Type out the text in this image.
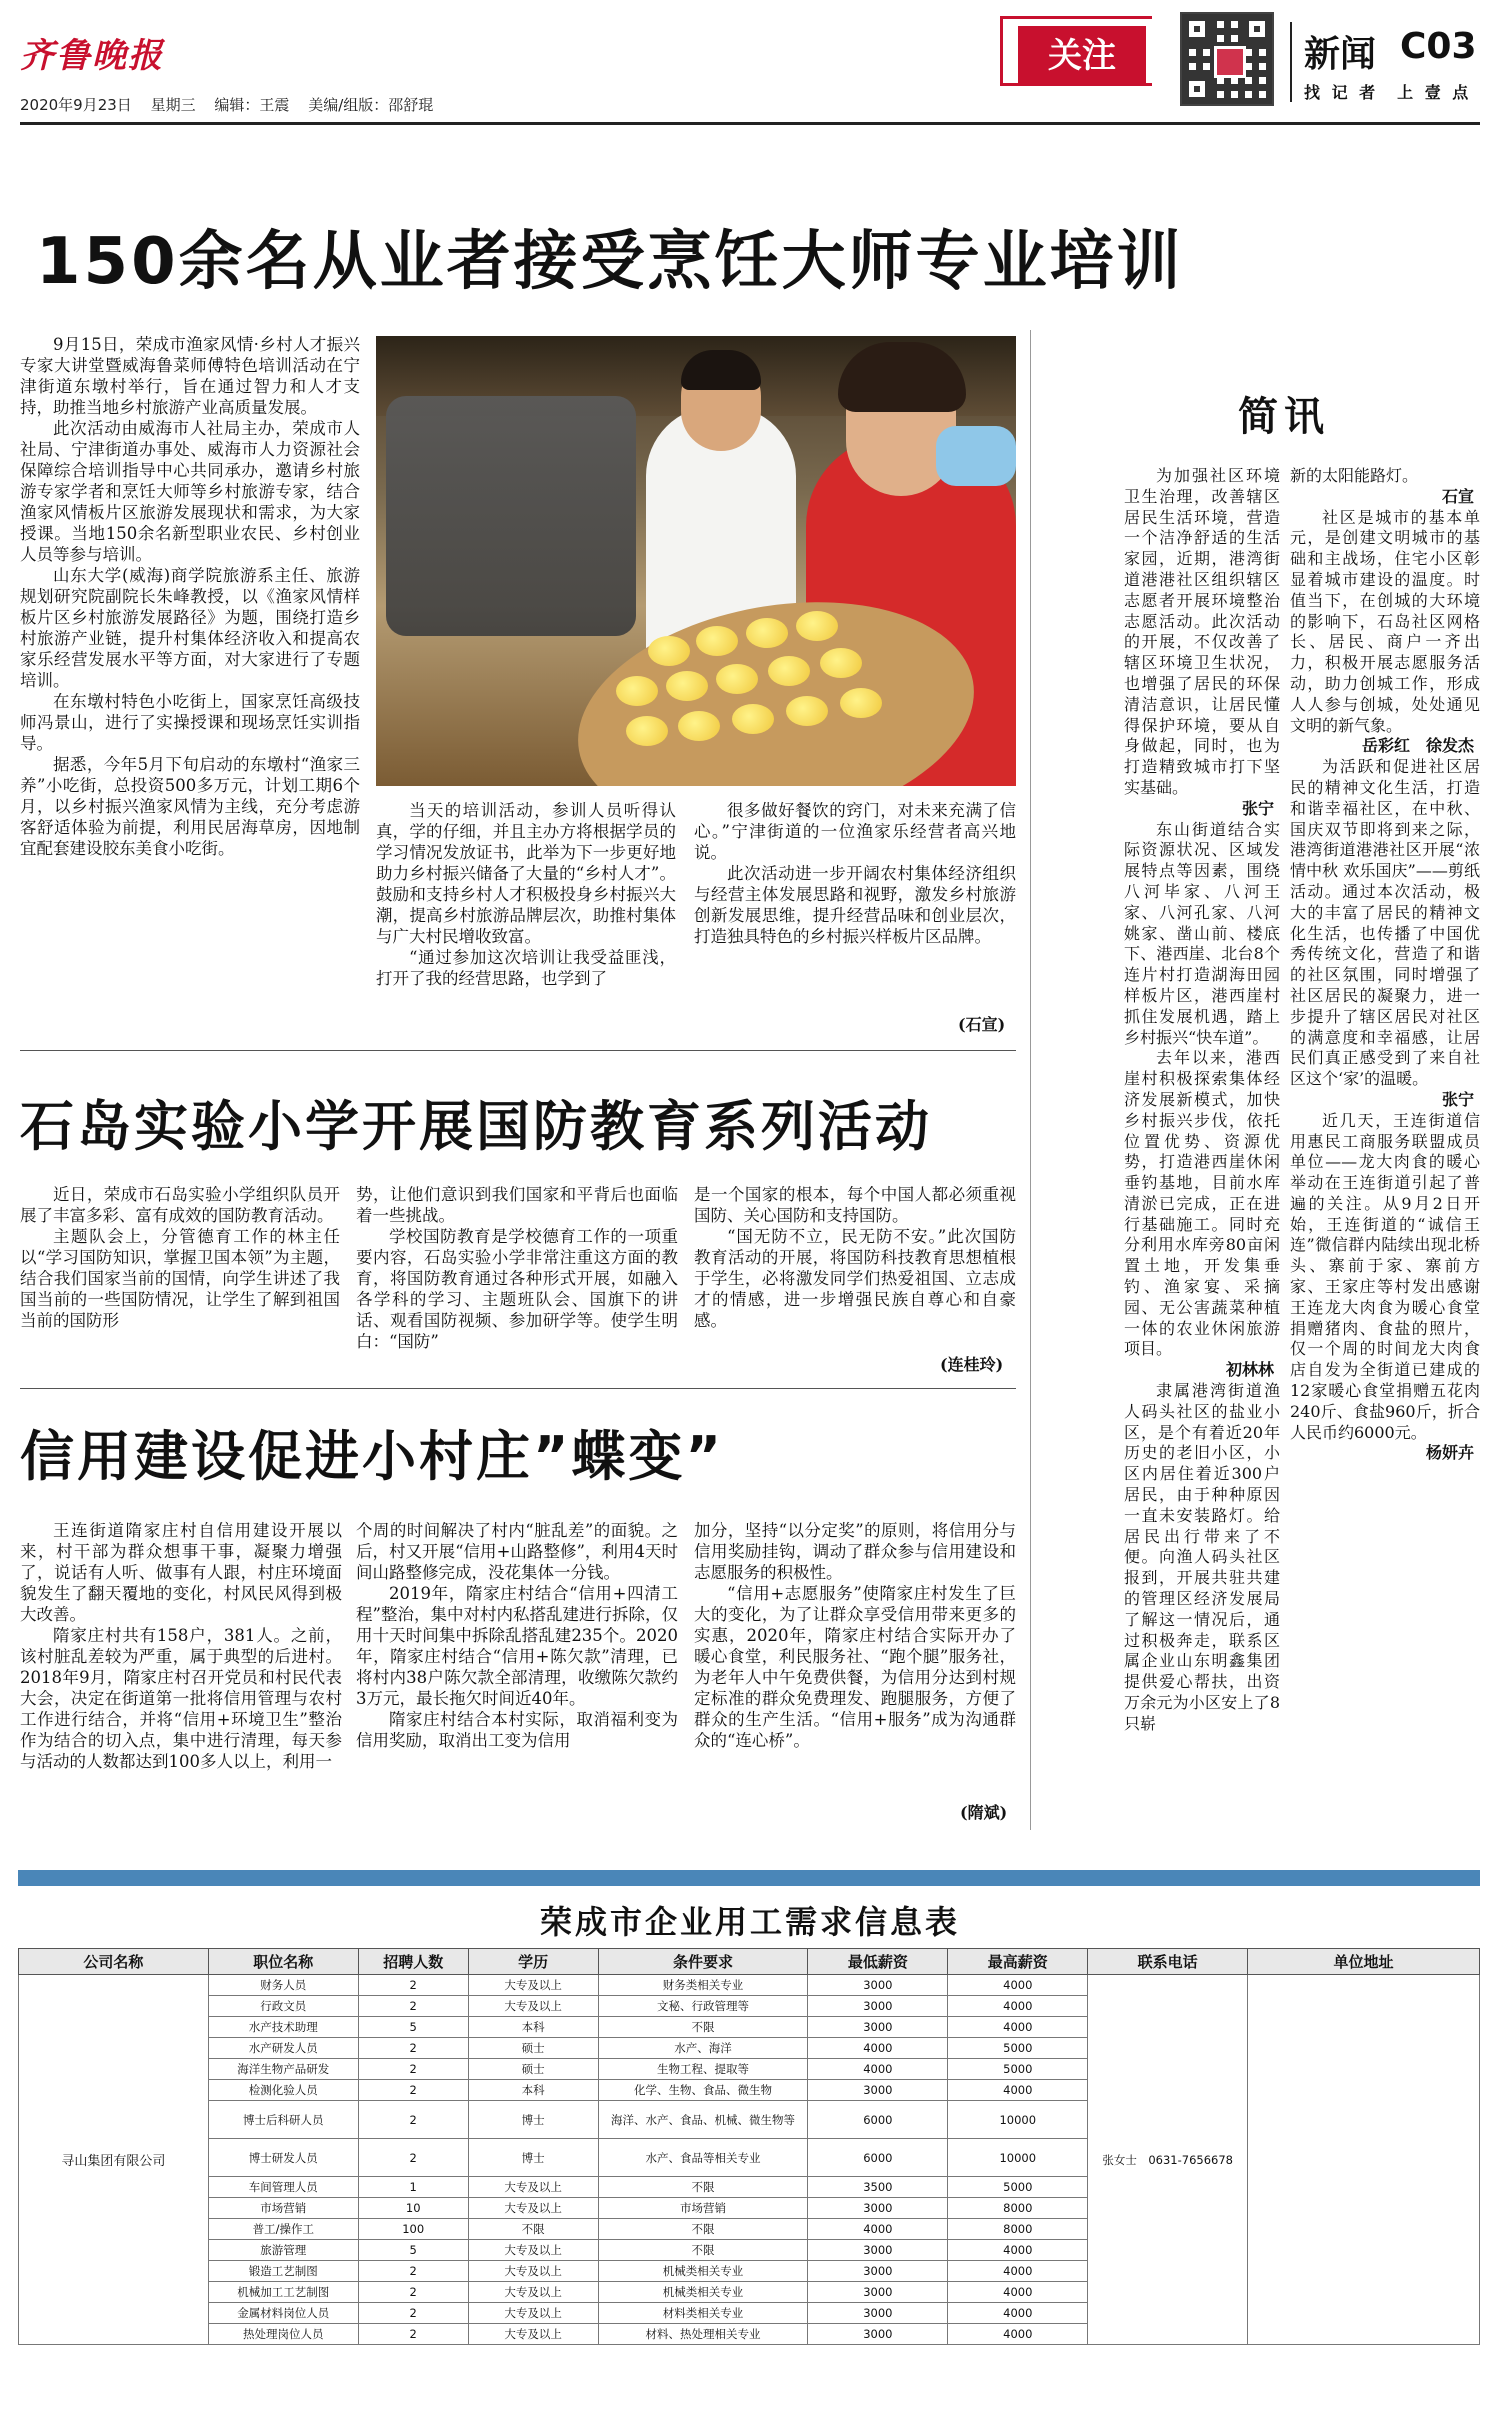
齐鲁晚报
2020年9月23日 星期三 编辑：王震 美编/组版：邵舒琨
关注	新闻 C03
找 记 者　上 壹 点
150余名从业者接受烹饪大师专业培训

9月15日，荣成市渔家风情·乡村人才振兴专家大讲堂暨威海鲁菜师傅特色培训活动在宁津街道东墩村举行，旨在通过智力和人才支持，助推当地乡村旅游产业高质量发展。

此次活动由威海市人社局主办，荣成市人社局、宁津街道办事处、威海市人力资源社会保障综合培训指导中心共同承办，邀请乡村旅游专家学者和烹饪大师等乡村旅游专家，结合渔家风情板片区旅游发展现状和需求，为大家授课。当地150余名新型职业农民、乡村创业人员等参与培训。

山东大学(威海)商学院旅游系主任、旅游规划研究院副院长朱峰教授，以《渔家风情样板片区乡村旅游发展路径》为题，围绕打造乡村旅游产业链，提升村集体经济收入和提高农家乐经营发展水平等方面，对大家进行了专题培训。

在东墩村特色小吃街上，国家烹饪高级技师冯景山，进行了实操授课和现场烹饪实训指导。

据悉，今年5月下旬启动的东墩村“渔家三养”小吃街，总投资500多万元，计划工期6个月，以乡村振兴渔家风情为主线，充分考虑游客舒适体验为前提，利用民居海草房，因地制宜配套建设胶东美食小吃街。

当天的培训活动，参训人员听得认真，学的仔细，并且主办方将根据学员的学习情况发放证书，此举为下一步更好地助力乡村振兴储备了大量的“乡村人才”。鼓励和支持乡村人才积极投身乡村振兴大潮，提高乡村旅游品牌层次，助推村集体与广大村民增收致富。

“通过参加这次培训让我受益匪浅，打开了我的经营思路，也学到了

很多做好餐饮的窍门，对未来充满了信心。”宁津街道的一位渔家乐经营者高兴地说。

此次活动进一步开阔农村集体经济组织与经营主体发展思路和视野，激发乡村旅游创新发展思维，提升经营品味和创业层次，打造独具特色的乡村振兴样板片区品牌。

(石宣)
石岛实验小学开展国防教育系列活动

近日，荣成市石岛实验小学组织队员开展了丰富多彩、富有成效的国防教育活动。

主题队会上，分管德育工作的林主任以“学习国防知识，掌握卫国本领”为主题，结合我们国家当前的国情，向学生讲述了我国当前的一些国防情况，让学生了解到祖国当前的国防形

势，让他们意识到我们国家和平背后也面临着一些挑战。

学校国防教育是学校德育工作的一项重要内容，石岛实验小学非常注重这方面的教育，将国防教育通过各种形式开展，如融入各学科的学习、主题班队会、国旗下的讲话、观看国防视频、参加研学等。使学生明白：“国防”

是一个国家的根本，每个中国人都必须重视国防、关心国防和支持国防。

“国无防不立，民无防不安。”此次国防教育活动的开展，将国防科技教育思想植根于学生，必将激发同学们热爱祖国、立志成才的情感，进一步增强民族自尊心和自豪感。

(连桂玲)
信用建设促进小村庄”蝶变”

王连街道隋家庄村自信用建设开展以来，村干部为群众想事干事，凝聚力增强了，说话有人听、做事有人跟，村庄环境面貌发生了翻天覆地的变化，村风民风得到极大改善。

隋家庄村共有158户，381人。之前，该村脏乱差较为严重，属于典型的后进村。2018年9月，隋家庄村召开党员和村民代表大会，决定在街道第一批将信用管理与农村工作进行结合，并将“信用+环境卫生”整治作为结合的切入点，集中进行清理，每天参与活动的人数都达到100多人以上，利用一

个周的时间解决了村内“脏乱差”的面貌。之后，村又开展“信用+山路整修”，利用4天时间山路整修完成，没花集体一分钱。

2019年，隋家庄村结合“信用+四清工程”整治，集中对村内私搭乱建进行拆除，仅用十天时间集中拆除乱搭乱建235个。2020年，隋家庄村结合“信用+陈欠款”清理，已将村内38户陈欠款全部清理，收缴陈欠款约3万元，最长拖欠时间近40年。

隋家庄村结合本村实际，取消福利变为信用奖励，取消出工变为信用

加分，坚持“以分定奖”的原则，将信用分与信用奖励挂钩，调动了群众参与信用建设和志愿服务的积极性。

“信用+志愿服务”使隋家庄村发生了巨大的变化，为了让群众享受信用带来更多的实惠，2020年，隋家庄村结合实际开办了暖心食堂，利民服务社、“跑个腿”服务社，为老年人中午免费供餐，为信用分达到村规定标准的群众免费理发、跑腿服务，方便了群众的生产生活。“信用+服务”成为沟通群众的“连心桥”。

(隋斌)
简讯

为加强社区环境卫生治理，改善辖区居民生活环境，营造一个洁净舒适的生活家园，近期，港湾街道港港社区组织辖区志愿者开展环境整治志愿活动。此次活动的开展，不仅改善了辖区环境卫生状况，也增强了居民的环保清洁意识，让居民懂得保护环境，要从自身做起，同时，也为打造精致城市打下坚实基础。

张宁

东山街道结合实际资源状况、区域发展特点等因素，围绕八河毕家、八河王家、八河孔家、八河姚家、凿山前、楼底下、港西崖、北台8个连片村打造湖海田园样板片区，港西崖村抓住发展机遇，踏上乡村振兴“快车道”。

去年以来，港西崖村积极探索集体经济发展新模式，加快乡村振兴步伐，依托位置优势、资源优势，打造港西崖休闲垂钓基地，目前水库清淤已完成，正在进行基础施工。同时充分利用水库旁80亩闲置土地，开发集垂钓、渔家宴、采摘园、无公害蔬菜种植一体的农业休闲旅游项目。

初林林

隶属港湾街道渔人码头社区的盐业小区，是个有着近20年历史的老旧小区，小区内居住着近300户居民，由于种种原因一直未安装路灯。给居民出行带来了不便。向渔人码头社区报到，开展共驻共建的管理区经济发展局了解这一情况后，通过积极奔走，联系区属企业山东明鑫集团提供爱心帮扶，出资万余元为小区安上了8只崭

新的太阳能路灯。

石宣

社区是城市的基本单元，是创建文明城市的基础和主战场，住宅小区彰显着城市建设的温度。时值当下，在创城的大环境的影响下，石岛社区网格长、居民、商户一齐出力，积极开展志愿服务活动，助力创城工作，形成人人参与创城，处处通见文明的新气象。

岳彩红　徐发杰

为活跃和促进社区居民的精神文化生活，打造和谐幸福社区，在中秋、国庆双节即将到来之际，港湾街道港港社区开展“浓情中秋 欢乐国庆”——剪纸活动。通过本次活动，极大的丰富了居民的精神文化生活，也传播了中国优秀传统文化，营造了和谐的社区氛围，同时增强了社区居民的凝聚力，进一步提升了辖区居民对社区的满意度和幸福感，让居民们真正感受到了来自社区这个‘家’的温暖。

张宁

近几天，王连街道信用惠民工商服务联盟成员单位——龙大肉食的暖心举动在王连街道引起了普遍的关注。从9月2日开始，王连街道的“诚信王连”微信群内陆续出现北桥头、寨前于家、寨前方家、王家庄等村发出感谢王连龙大肉食为暖心食堂捐赠猪肉、食盐的照片，仅一个周的时间龙大肉食店自发为全街道已建成的12家暖心食堂捐赠五花肉240斤、食盐960斤，折合人民币约6000元。

杨妍卉
荣成市企业用工需求信息表
公司名称	职位名称	招聘人数	学历	条件要求	最低薪资	最高薪资	联系电话	单位地址
寻山集团有限公司	财务人员	2	大专及以上	财务类相关专业	3000	4000	张女士　0631-7656678	
	行政文员	2	大专及以上	文秘、行政管理等	3000	4000		
	水产技术助理	5	本科	不限	3000	4000		
	水产研发人员	2	硕士	水产、海洋	4000	5000		
	海洋生物产品研发	2	硕士	生物工程、提取等	4000	5000		
	检测化验人员	2	本科	化学、生物、食品、微生物	3000	4000		
	博士后科研人员	2	博士	海洋、水产、食品、机械、微生物等	6000	10000		
	博士研发人员	2	博士	水产、食品等相关专业	6000	10000		
	车间管理人员	1	大专及以上	不限	3500	5000		
	市场营销	10	大专及以上	市场营销	3000	8000		
	普工/操作工	100	不限	不限	4000	8000		
	旅游管理	5	大专及以上	不限	3000	4000		
	锻造工艺制图	2	大专及以上	机械类相关专业	3000	4000		
	机械加工工艺制图	2	大专及以上	机械类相关专业	3000	4000		
	金属材料岗位人员	2	大专及以上	材料类相关专业	3000	4000		
	热处理岗位人员	2	大专及以上	材料、热处理相关专业	3000	4000		
